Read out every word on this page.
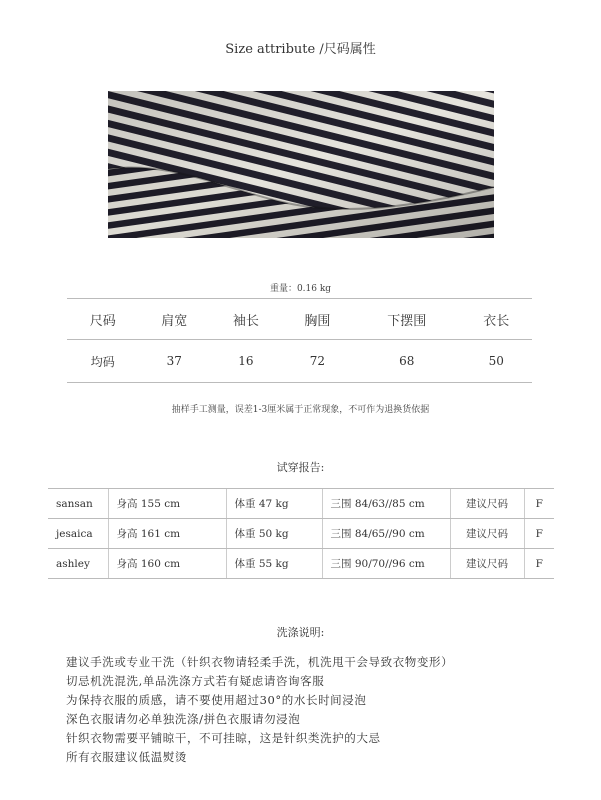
Size attribute /尺码属性
重量：0.16 kg
尺码	肩宽	袖长	胸围	下摆围	衣长
均码	37	16	72	68	50
抽样手工测量，误差1-3厘米属于正常现象，不可作为退换货依据
试穿报告:
sansan	身高 155 cm	体重 47 kg	三围 84/63//85 cm	建议尺码	F
jesaica	身高 161 cm	体重 50 kg	三围 84/65//90 cm	建议尺码	F
ashley	身高 160 cm	体重 55 kg	三围 90/70//96 cm	建议尺码	F
洗涤说明:
建议手洗或专业干洗（针织衣物请轻柔手洗，机洗甩干会导致衣物变形）
切忌机洗混洗,单品洗涤方式若有疑虑请咨询客服
为保持衣服的质感，请不要使用超过30°的水长时间浸泡
深色衣服请勿必单独洗涤/拼色衣服请勿浸泡
针织衣物需要平铺晾干，不可挂晾，这是针织类洗护的大忌
所有衣服建议低温熨烫
